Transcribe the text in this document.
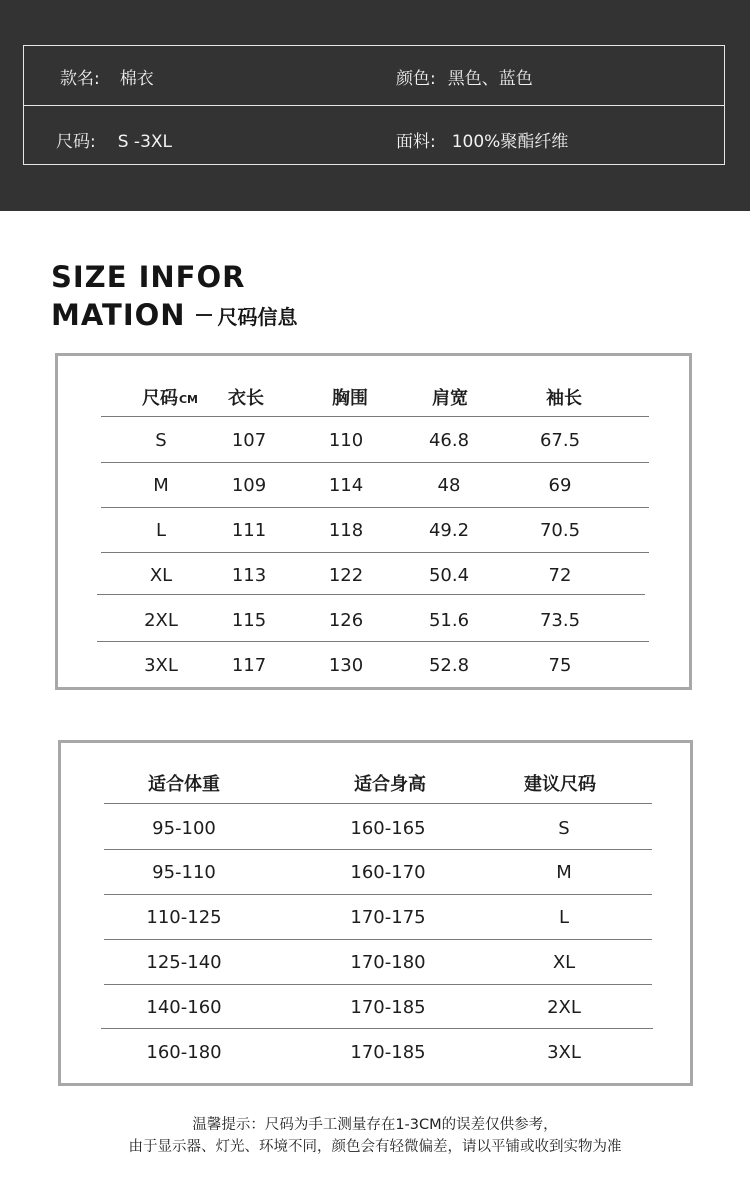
款名: 棉衣	颜色: 黑色、蓝色
尺码: S -3XL	面料: 100%聚酯纤维
SIZE INFOR
MATION 尺码信息
尺码 CM 衣长	胸围	肩宽	袖长
S	107	110	46.8	67.5
M	109	114	48	69
L	111	118	49.2	70.5
XL	113	122	50.4	72
2XL	115	126	51.6	73.5
3XL	117	130	52.8	75
适合体重	适合身高	建议尺码
95-100	160-165	S
95-110	160-170	M
110-125	170-175	L
125-140	170-180	XL
140-160	170-185	2XL
160-180	170-185	3XL
温馨提示：尺码为手工测量存在1-3CM的误差仅供参考，
由于显示器、灯光、环境不同，颜色会有轻微偏差，请以平铺或收到实物为准
